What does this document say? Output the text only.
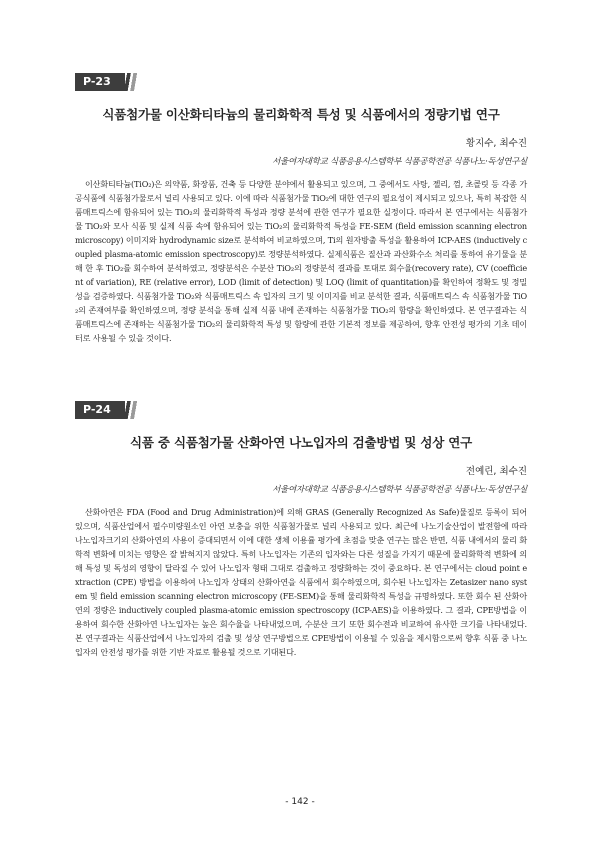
P-23
식품첨가물 이산화티타늄의 물리화학적 특성 및 식품에서의 정량기법 연구
황지수, 최수진
서울여자대학교 식품응용시스템학부 식품공학전공 식품나노·독성연구실

이산화티타늄(TiO₂)은 의약품, 화장품, 건축 등 다양한 분야에서 활용되고 있으며, 그 중에서도 사탕, 젤리, 껌, 초콜릿 등 각종 가공식품에 식품첨가물로서 널리 사용되고 있다. 이에 따라 식품첨가물 TiO₂에 대한 연구의 필요성이 제시되고 있으나, 특히 복잡한 식품매트릭스에 함유되어 있는 TiO₂의 물리화학적 특성과 정량 분석에 관한 연구가 필요한 실정이다. 따라서 본 연구에서는 식품첨가물 TiO₂와 모사 식품 및 실제 식품 속에 함유되어 있는 TiO₂의 물리화학적 특성을 FE-SEM (field emission scanning electron microscopy) 이미지와 hydrodynamic size로 분석하여 비교하였으며, Ti의 원자방출 특성을 활용하여 ICP-AES (inductively coupled plasma-atomic emission spectroscopy)로 정량분석하였다. 실제식품은 질산과 과산화수소 처리를 통하여 유기물을 분해 한 후 TiO₂를 회수하여 분석하였고, 정량분석은 수분산 TiO₂의 정량분석 결과를 토대로 회수율(recovery rate), CV (coefficient of variation), RE (relative error), LOD (limit of detection) 및 LOQ (limit of quantitation)를 확인하여 정확도 및 정밀성을 검증하였다. 식품첨가물 TiO₂와 식품매트릭스 속 입자의 크기 및 이미지를 비교 분석한 결과, 식품매트릭스 속 식품첨가물 TiO₂의 존재여부를 확인하였으며, 정량 분석을 통해 실제 식품 내에 존재하는 식품첨가물 TiO₂의 함량을 확인하였다. 본 연구결과는 식품매트릭스에 존재하는 식품첨가물 TiO₂의 물리화학적 특성 및 함량에 관한 기본적 정보를 제공하여, 향후 안전성 평가의 기초 데이터로 사용될 수 있을 것이다.

P-24
식품 중 식품첨가물 산화아연 나노입자의 검출방법 및 성상 연구
전예린, 최수진
서울여자대학교 식품응용시스템학부 식품공학전공 식품나노·독성연구실

산화아연은 FDA (Food and Drug Administration)에 의해 GRAS (Generally Recognized As Safe)물질로 등록이 되어 있으며, 식품산업에서 필수미량원소인 아연 보충을 위한 식품첨가물로 널리 사용되고 있다. 최근에 나노기술산업이 발전함에 따라 나노입자크기의 산화아연의 사용이 증대되면서 이에 대한 생체 이용률 평가에 초점을 맞춘 연구는 많은 반면, 식품 내에서의 물리 화학적 변화에 미치는 영향은 잘 밝혀지지 않았다. 특히 나노입자는 기존의 입자와는 다른 성질을 가지기 때문에 물리화학적 변화에 의해 특성 및 독성의 영향이 달라질 수 있어 나노입자 형태 그대로 검출하고 정량화하는 것이 중요하다. 본 연구에서는 cloud point extraction (CPE) 방법을 이용하여 나노입자 상태의 산화아연을 식품에서 회수하였으며, 회수된 나노입자는 Zetasizer nano system 및 field emission scanning electron microscopy (FE-SEM)을 통해 물리화학적 특성을 규명하였다. 또한 회수 된 산화아연의 정량은 inductively coupled plasma-atomic emission spectroscopy (ICP-AES)을 이용하였다. 그 결과, CPE방법을 이용하여 회수한 산화아연 나노입자는 높은 회수율을 나타내었으며, 수분산 크기 또한 회수전과 비교하여 유사한 크기를 나타내었다. 본 연구결과는 식품산업에서 나노입자의 검출 및 성상 연구방법으로 CPE방법이 이용될 수 있음을 제시함으로써 향후 식품 중 나노입자의 안전성 평가를 위한 기반 자료로 활용될 것으로 기대된다.

- 142 -
